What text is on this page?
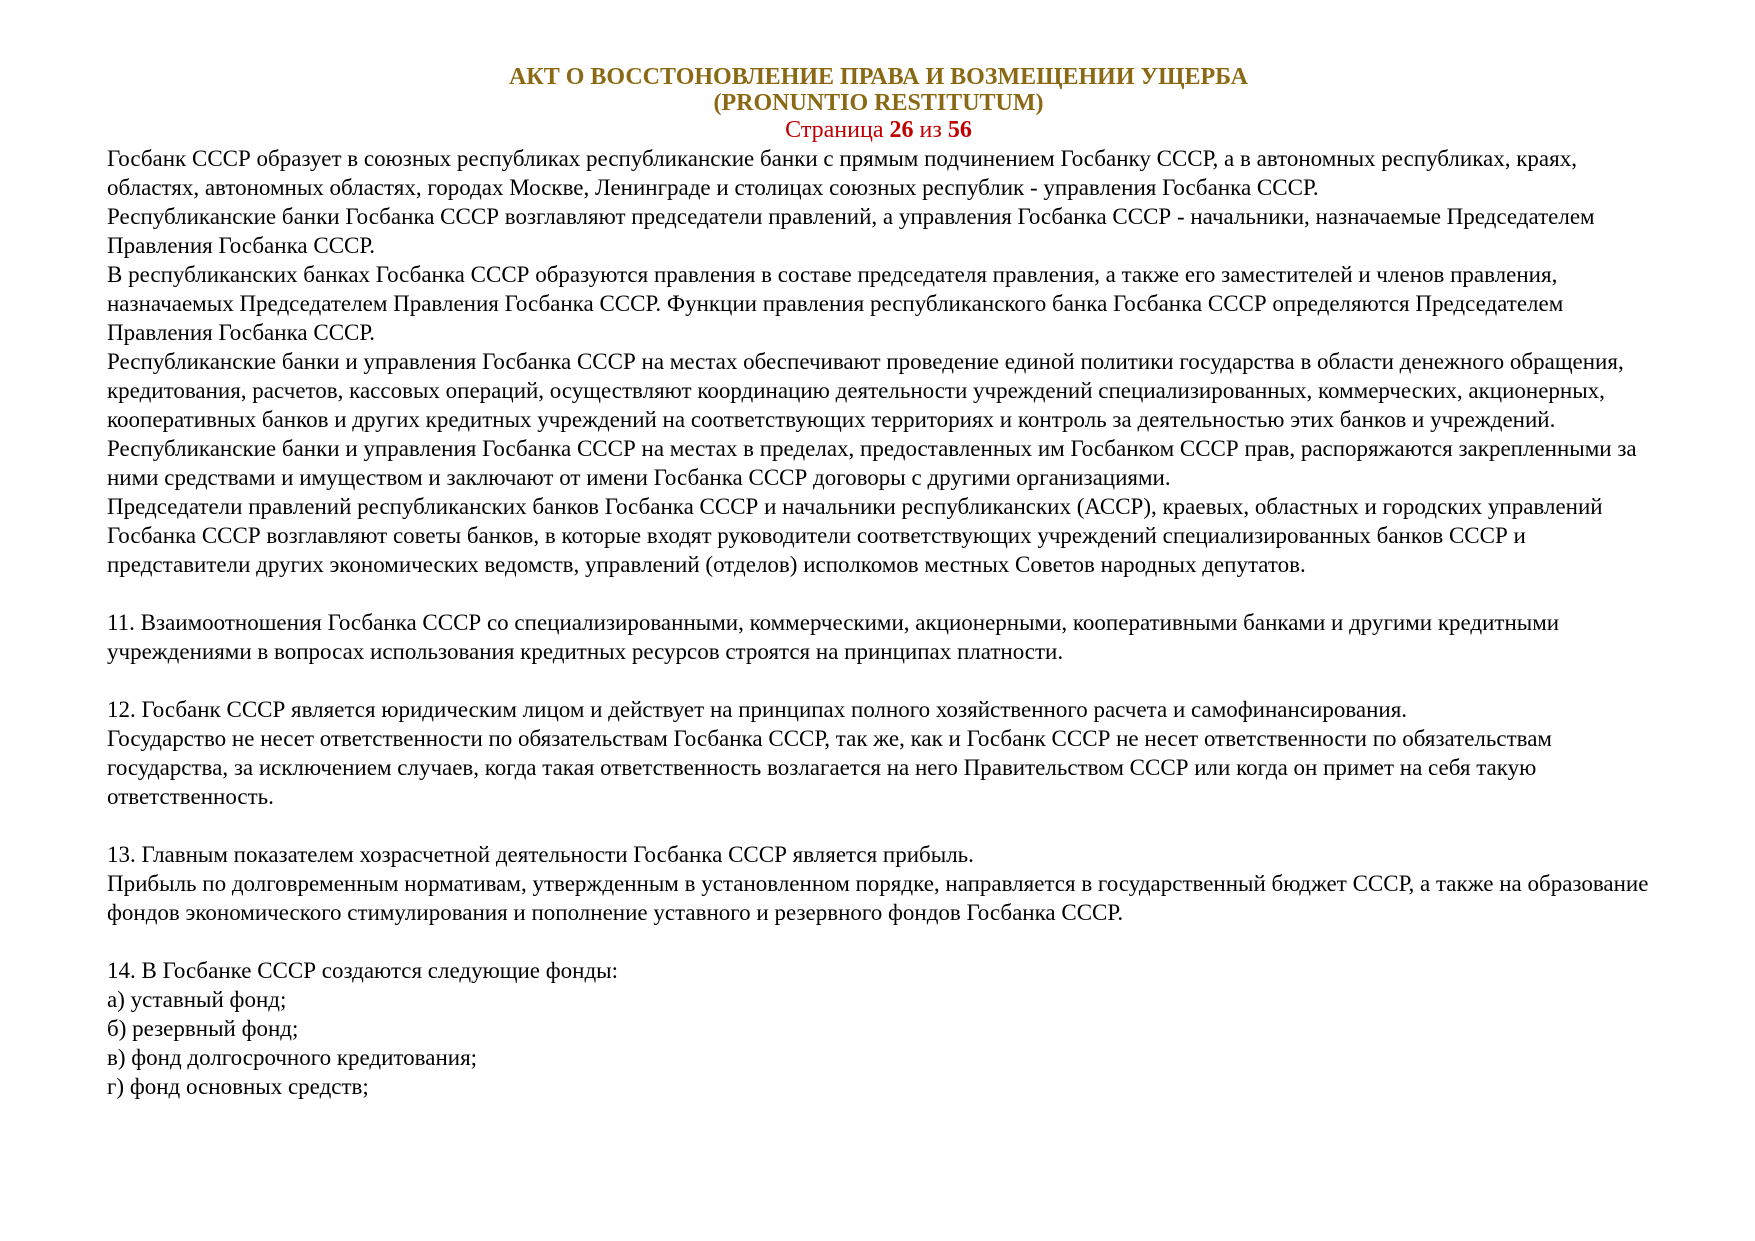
АКТ О ВОССТОНОВЛЕНИЕ ПРАВА И ВОЗМЕЩЕНИИ УЩЕРБА
(PRONUNTIO RESTITUTUM)
Страница 26 из 56

Госбанк СССР образует в союзных республиках республиканские банки с прямым подчинением Госбанку СССР, а в автономных республиках, краях, областях, автономных областях, городах Москве, Ленинграде и столицах союзных республик - управления Госбанка СССР.

Республиканские банки Госбанка СССР возглавляют председатели правлений, а управления Госбанка СССР - начальники, назначаемые Председателем Правления Госбанка СССР.

В республиканских банках Госбанка СССР образуются правления в составе председателя правления, а также его заместителей и членов правления, назначаемых Председателем Правления Госбанка СССР. Функции правления республиканского банка Госбанка СССР определяются Председателем Правления Госбанка СССР.

Республиканские банки и управления Госбанка СССР на местах обеспечивают проведение единой политики государства в области денежного обращения, кредитования, расчетов, кассовых операций, осуществляют координацию деятельности учреждений специализированных, коммерческих, акционерных, кооперативных банков и других кредитных учреждений на соответствующих территориях и контроль за деятельностью этих банков и учреждений.

Республиканские банки и управления Госбанка СССР на местах в пределах, предоставленных им Госбанком СССР прав, распоряжаются закрепленными за ними средствами и имуществом и заключают от имени Госбанка СССР договоры с другими организациями.

Председатели правлений республиканских банков Госбанка СССР и начальники республиканских (АССР), краевых, областных и городских управлений Госбанка СССР возглавляют советы банков, в которые входят руководители соответствующих учреждений специализированных банков СССР и представители других экономических ведомств, управлений (отделов) исполкомов местных Советов народных депутатов.

11. Взаимоотношения Госбанка СССР со специализированными, коммерческими, акционерными, кооперативными банками и другими кредитными учреждениями в вопросах использования кредитных ресурсов строятся на принципах платности.

12. Госбанк СССР является юридическим лицом и действует на принципах полного хозяйственного расчета и самофинансирования.

Государство не несет ответственности по обязательствам Госбанка СССР, так же, как и Госбанк СССР не несет ответственности по обязательствам государства, за исключением случаев, когда такая ответственность возлагается на него Правительством СССР или когда он примет на себя такую ответственность.

13. Главным показателем хозрасчетной деятельности Госбанка СССР является прибыль.

Прибыль по долговременным нормативам, утвержденным в установленном порядке, направляется в государственный бюджет СССР, а также на образование фондов экономического стимулирования и пополнение уставного и резервного фондов Госбанка СССР.

14. В Госбанке СССР создаются следующие фонды:

а) уставный фонд;

б) резервный фонд;

в) фонд долгосрочного кредитования;

г) фонд основных средств;
